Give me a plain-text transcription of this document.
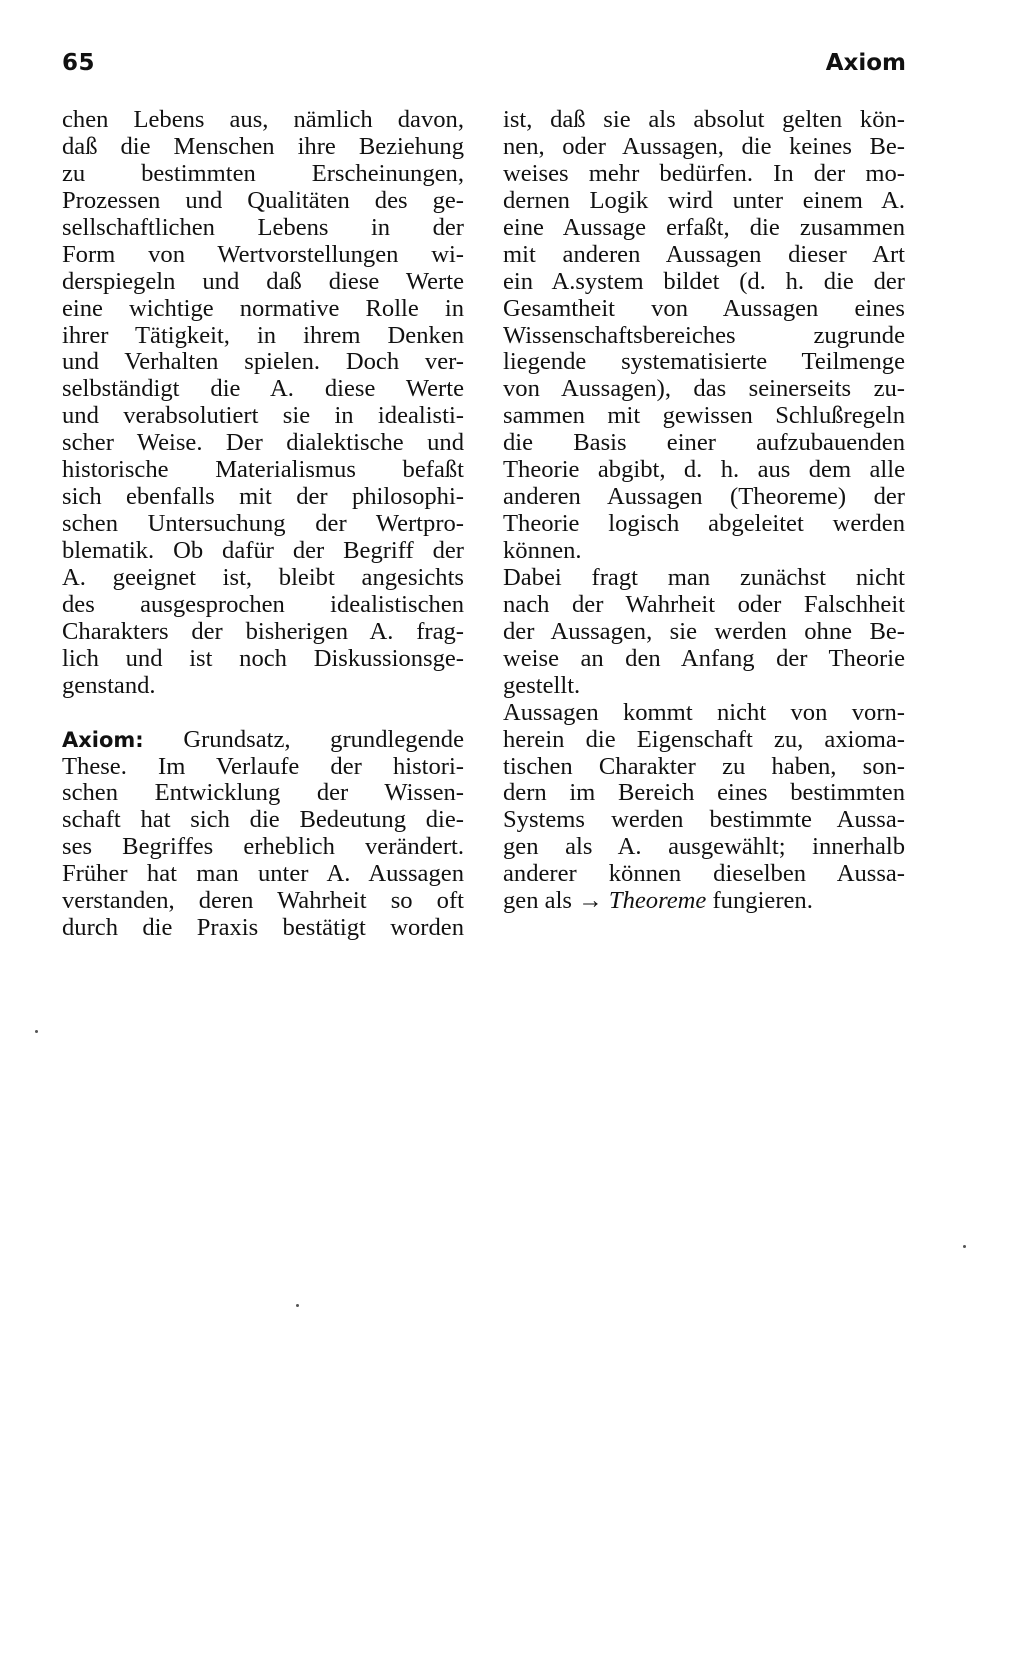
65	Axiom
chen Lebens aus, nämlich davon,
daß die Menschen ihre Beziehung
zu bestimmten Erscheinungen,
Prozessen und Qualitäten des ge-
sellschaftlichen Lebens in der
Form von Wertvorstellungen wi-
derspiegeln und daß diese Werte
eine wichtige normative Rolle in
ihrer Tätigkeit, in ihrem Denken
und Verhalten spielen. Doch ver-
selbständigt die A. diese Werte
und verabsolutiert sie in idealisti-
scher Weise. Der dialektische und
historische Materialismus befaßt
sich ebenfalls mit der philosophi-
schen Untersuchung der Wertpro-
blematik. Ob dafür der Begriff der
A. geeignet ist, bleibt angesichts
des ausgesprochen idealistischen
Charakters der bisherigen A. frag-
lich und ist noch Diskussionsge-
genstand.
Axiom: Grundsatz, grundlegende
These. Im Verlaufe der histori-
schen Entwicklung der Wissen-
schaft hat sich die Bedeutung die-
ses Begriffes erheblich verändert.
Früher hat man unter A. Aussagen
verstanden, deren Wahrheit so oft
durch die Praxis bestätigt worden
ist, daß sie als absolut gelten kön-
nen, oder Aussagen, die keines Be-
weises mehr bedürfen. In der mo-
dernen Logik wird unter einem A.
eine Aussage erfaßt, die zusammen
mit anderen Aussagen dieser Art
ein A.system bildet (d. h. die der
Gesamtheit von Aussagen eines
Wissenschaftsbereiches zugrunde
liegende systematisierte Teilmenge
von Aussagen), das seinerseits zu-
sammen mit gewissen Schlußregeln
die Basis einer aufzubauenden
Theorie abgibt, d. h. aus dem alle
anderen Aussagen (Theoreme) der
Theorie logisch abgeleitet werden
können.
Dabei fragt man zunächst nicht
nach der Wahrheit oder Falschheit
der Aussagen, sie werden ohne Be-
weise an den Anfang der Theorie
gestellt.
Aussagen kommt nicht von vorn-
herein die Eigenschaft zu, axioma-
tischen Charakter zu haben, son-
dern im Bereich eines bestimmten
Systems werden bestimmte Aussa-
gen als A. ausgewählt; innerhalb
anderer können dieselben Aussa-
gen als → Theoreme fungieren.
